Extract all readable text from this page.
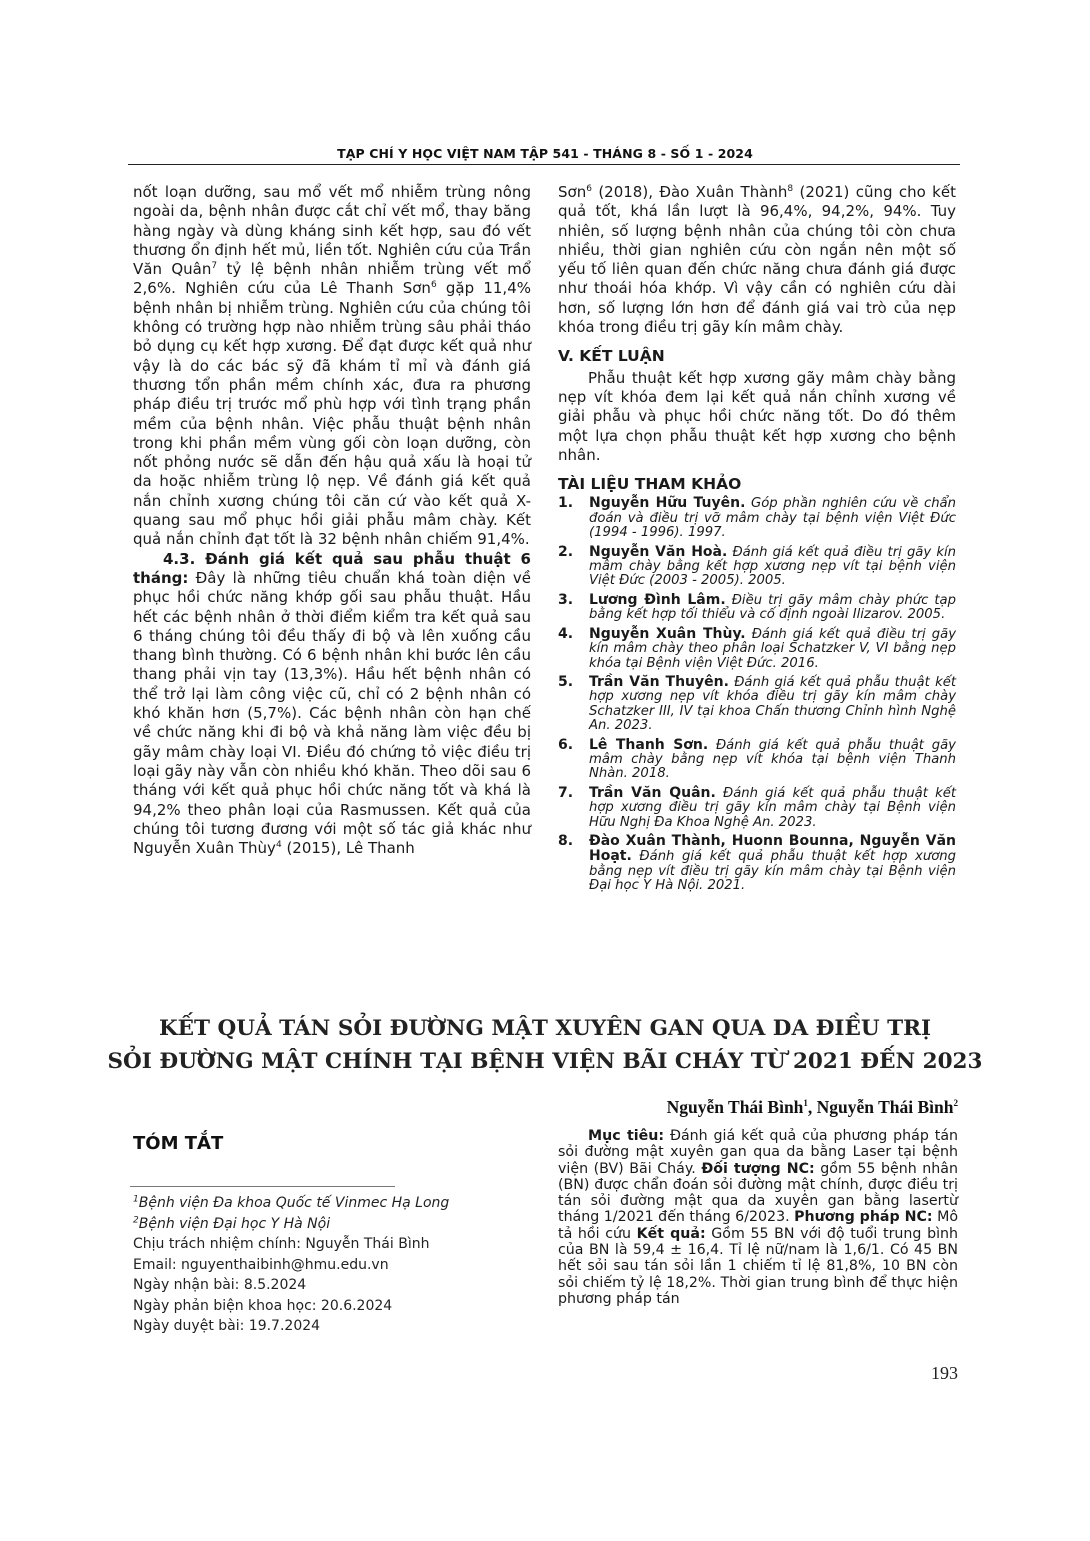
TẠP CHÍ Y HỌC VIỆT NAM TẬP 541 - THÁNG 8 - SỐ 1 - 2024

nốt loạn dưỡng, sau mổ vết mổ nhiễm trùng nông ngoài da, bệnh nhân được cắt chỉ vết mổ, thay băng hàng ngày và dùng kháng sinh kết hợp, sau đó vết thương ổn định hết mủ, liền tốt. Nghiên cứu của Trần Văn Quân$^7$ tỷ lệ bệnh nhân nhiễm trùng vết mổ 2,6%. Nghiên cứu của Lê Thanh Sơn$^6$ gặp 11,4% bệnh nhân bị nhiễm trùng. Nghiên cứu của chúng tôi không có trường hợp nào nhiễm trùng sâu phải tháo bỏ dụng cụ kết hợp xương. Để đạt được kết quả như vậy là do các bác sỹ đã khám tỉ mỉ và đánh giá thương tổn phần mềm chính xác, đưa ra phương pháp điều trị trước mổ phù hợp với tình trạng phần mềm của bệnh nhân. Việc phẫu thuật bệnh nhân trong khi phần mềm vùng gối còn loạn dưỡng, còn nốt phỏng nước sẽ dẫn đến hậu quả xấu là hoại tử da hoặc nhiễm trùng lộ nẹp. Về đánh giá kết quả nắn chỉnh xương chúng tôi căn cứ vào kết quả X-quang sau mổ phục hồi giải phẫu mâm chày. Kết quả nắn chỉnh đạt tốt là 32 bệnh nhân chiếm 91,4%.

4.3. Đánh giá kết quả sau phẫu thuật 6 tháng: Đây là những tiêu chuẩn khá toàn diện về phục hồi chức năng khớp gối sau phẫu thuật. Hầu hết các bệnh nhân ở thời điểm kiểm tra kết quả sau 6 tháng chúng tôi đều thấy đi bộ và lên xuống cầu thang bình thường. Có 6 bệnh nhân khi bước lên cầu thang phải vịn tay (13,3%). Hầu hết bệnh nhân có thể trở lại làm công việc cũ, chỉ có 2 bệnh nhân có khó khăn hơn (5,7%). Các bệnh nhân còn hạn chế về chức năng khi đi bộ và khả năng làm việc đều bị gãy mâm chày loại VI. Điều đó chứng tỏ việc điều trị loại gãy này vẫn còn nhiều khó khăn. Theo dõi sau 6 tháng với kết quả phục hồi chức năng tốt và khá là 94,2% theo phân loại của Rasmussen. Kết quả của chúng tôi tương đương với một số tác giả khác như Nguyễn Xuân Thùy$^4$ (2015), Lê Thanh

Sơn$^6$ (2018), Đào Xuân Thành$^8$ (2021) cũng cho kết quả tốt, khá lần lượt là 96,4%, 94,2%, 94%. Tuy nhiên, số lượng bệnh nhân của chúng tôi còn chưa nhiều, thời gian nghiên cứu còn ngắn nên một số yếu tố liên quan đến chức năng chưa đánh giá được như thoái hóa khớp. Vì vậy cần có nghiên cứu dài hơn, số lượng lớn hơn để đánh giá vai trò của nẹp khóa trong điều trị gãy kín mâm chày.

V. KẾT LUẬN

Phẫu thuật kết hợp xương gãy mâm chày bằng nẹp vít khóa đem lại kết quả nắn chỉnh xương về giải phẫu và phục hồi chức năng tốt. Do đó thêm một lựa chọn phẫu thuật kết hợp xương cho bệnh nhân.

TÀI LIỆU THAM KHẢO

1. Nguyễn Hữu Tuyên. Góp phần nghiên cứu về chẩn đoán và điều trị vỡ mâm chày tại bệnh viện Việt Đức (1994 - 1996). 1997.
2. Nguyễn Văn Hoà. Đánh giá kết quả điều trị gãy kín mâm chày bằng kết hợp xương nẹp vít tại bệnh viện Việt Đức (2003 - 2005). 2005.
3. Lương Đình Lâm. Điều trị gãy mâm chày phức tạp bằng kết hợp tối thiểu và cố định ngoài Ilizarov. 2005.
4. Nguyễn Xuân Thùy. Đánh giá kết quả điều trị gãy kín mâm chày theo phân loại Schatzker V, VI bằng nẹp khóa tại Bệnh viện Việt Đức. 2016.
5. Trần Văn Thuyên. Đánh giá kết quả phẫu thuật kết hợp xương nẹp vít khóa điều trị gãy kín mâm chày Schatzker III, IV tại khoa Chấn thương Chỉnh hình Nghệ An. 2023.
6. Lê Thanh Sơn. Đánh giá kết quả phẫu thuật gãy mâm chày bằng nẹp vít khóa tại bệnh viện Thanh Nhàn. 2018.
7. Trần Văn Quân. Đánh giá kết quả phẫu thuật kết hợp xương điều trị gãy kín mâm chày tại Bệnh viện Hữu Nghị Đa Khoa Nghệ An. 2023.
8. Đào Xuân Thành, Huonn Bounna, Nguyễn Văn Hoạt. Đánh giá kết quả phẫu thuật kết hợp xương bằng nẹp vít điều trị gãy kín mâm chày tại Bệnh viện Đại học Y Hà Nội. 2021.
KẾT QUẢ TÁN SỎI ĐƯỜNG MẬT XUYÊN GAN QUA DA ĐIỀU TRỊ
SỎI ĐƯỜNG MẬT CHÍNH TẠI BỆNH VIỆN BÃI CHÁY TỪ 2021 ĐẾN 2023
Nguyễn Thái Bình$^1$, Nguyễn Thái Bình$^2$
TÓM TẮT
$^1$Bệnh viện Đa khoa Quốc tế Vinmec Hạ Long
$^2$Bệnh viện Đại học Y Hà Nội
Chịu trách nhiệm chính: Nguyễn Thái Bình
Email: nguyenthaibinh@hmu.edu.vn
Ngày nhận bài: 8.5.2024
Ngày phản biện khoa học: 20.6.2024
Ngày duyệt bài: 19.7.2024

Mục tiêu: Đánh giá kết quả của phương pháp tán sỏi đường mật xuyên gan qua da bằng Laser tại bệnh viện (BV) Bãi Cháy. Đối tượng NC: gồm 55 bệnh nhân (BN) được chẩn đoán sỏi đường mật chính, được điều trị tán sỏi đường mật qua da xuyên gan bằng lasertừ tháng 1/2021 đến tháng 6/2023. Phương pháp NC: Mô tả hồi cứu Kết quả: Gồm 55 BN với độ tuổi trung bình của BN là 59,4 ± 16,4. Tỉ lệ nữ/nam là 1,6/1. Có 45 BN hết sỏi sau tán sỏi lần 1 chiếm tỉ lệ 81,8%, 10 BN còn sỏi chiếm tỷ lệ 18,2%. Thời gian trung bình để thực hiện phương pháp tán

193
